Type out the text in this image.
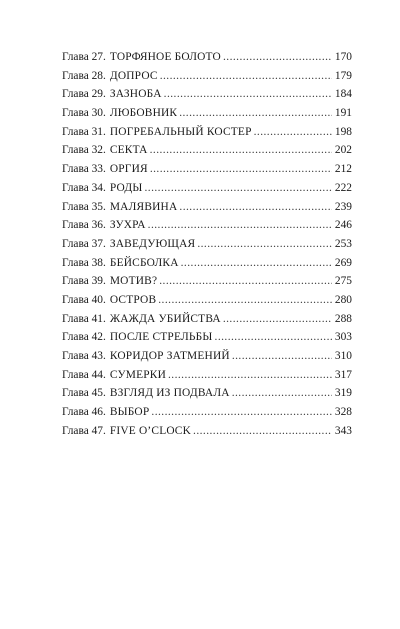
Глава 27. ТОРФЯНОЕ БОЛОТО . . .	170
Глава 28. ДОПРОС . . .	179
Глава 29. ЗАЗНОБА . . .	184
Глава 30. ЛЮБОВНИК . . .	191
Глава 31. ПОГРЕБАЛЬНЫЙ КОСТЕР . . .	198
Глава 32. СЕКТА . . .	202
Глава 33. ОРГИЯ . . .	212
Глава 34. РОДЫ . . .	222
Глава 35. МАЛЯВИНА . . .	239
Глава 36. ЗУХРА . . .	246
Глава 37. ЗАВЕДУЮЩАЯ . . .	253
Глава 38. БЕЙСБОЛКА . . .	269
Глава 39. МОТИВ? . . .	275
Глава 40. ОСТРОВ . . .	280
Глава 41. ЖАЖДА УБИЙСТВА . . .	288
Глава 42. ПОСЛЕ СТРЕЛЬБЫ . . .	303
Глава 43. КОРИДОР ЗАТМЕНИЙ . . .	310
Глава 44. СУМЕРКИ . . .	317
Глава 45. ВЗГЛЯД ИЗ ПОДВАЛА . . .	319
Глава 46. ВЫБОР . . .	328
Глава 47. FIVE O’CLOCK . . .	343
